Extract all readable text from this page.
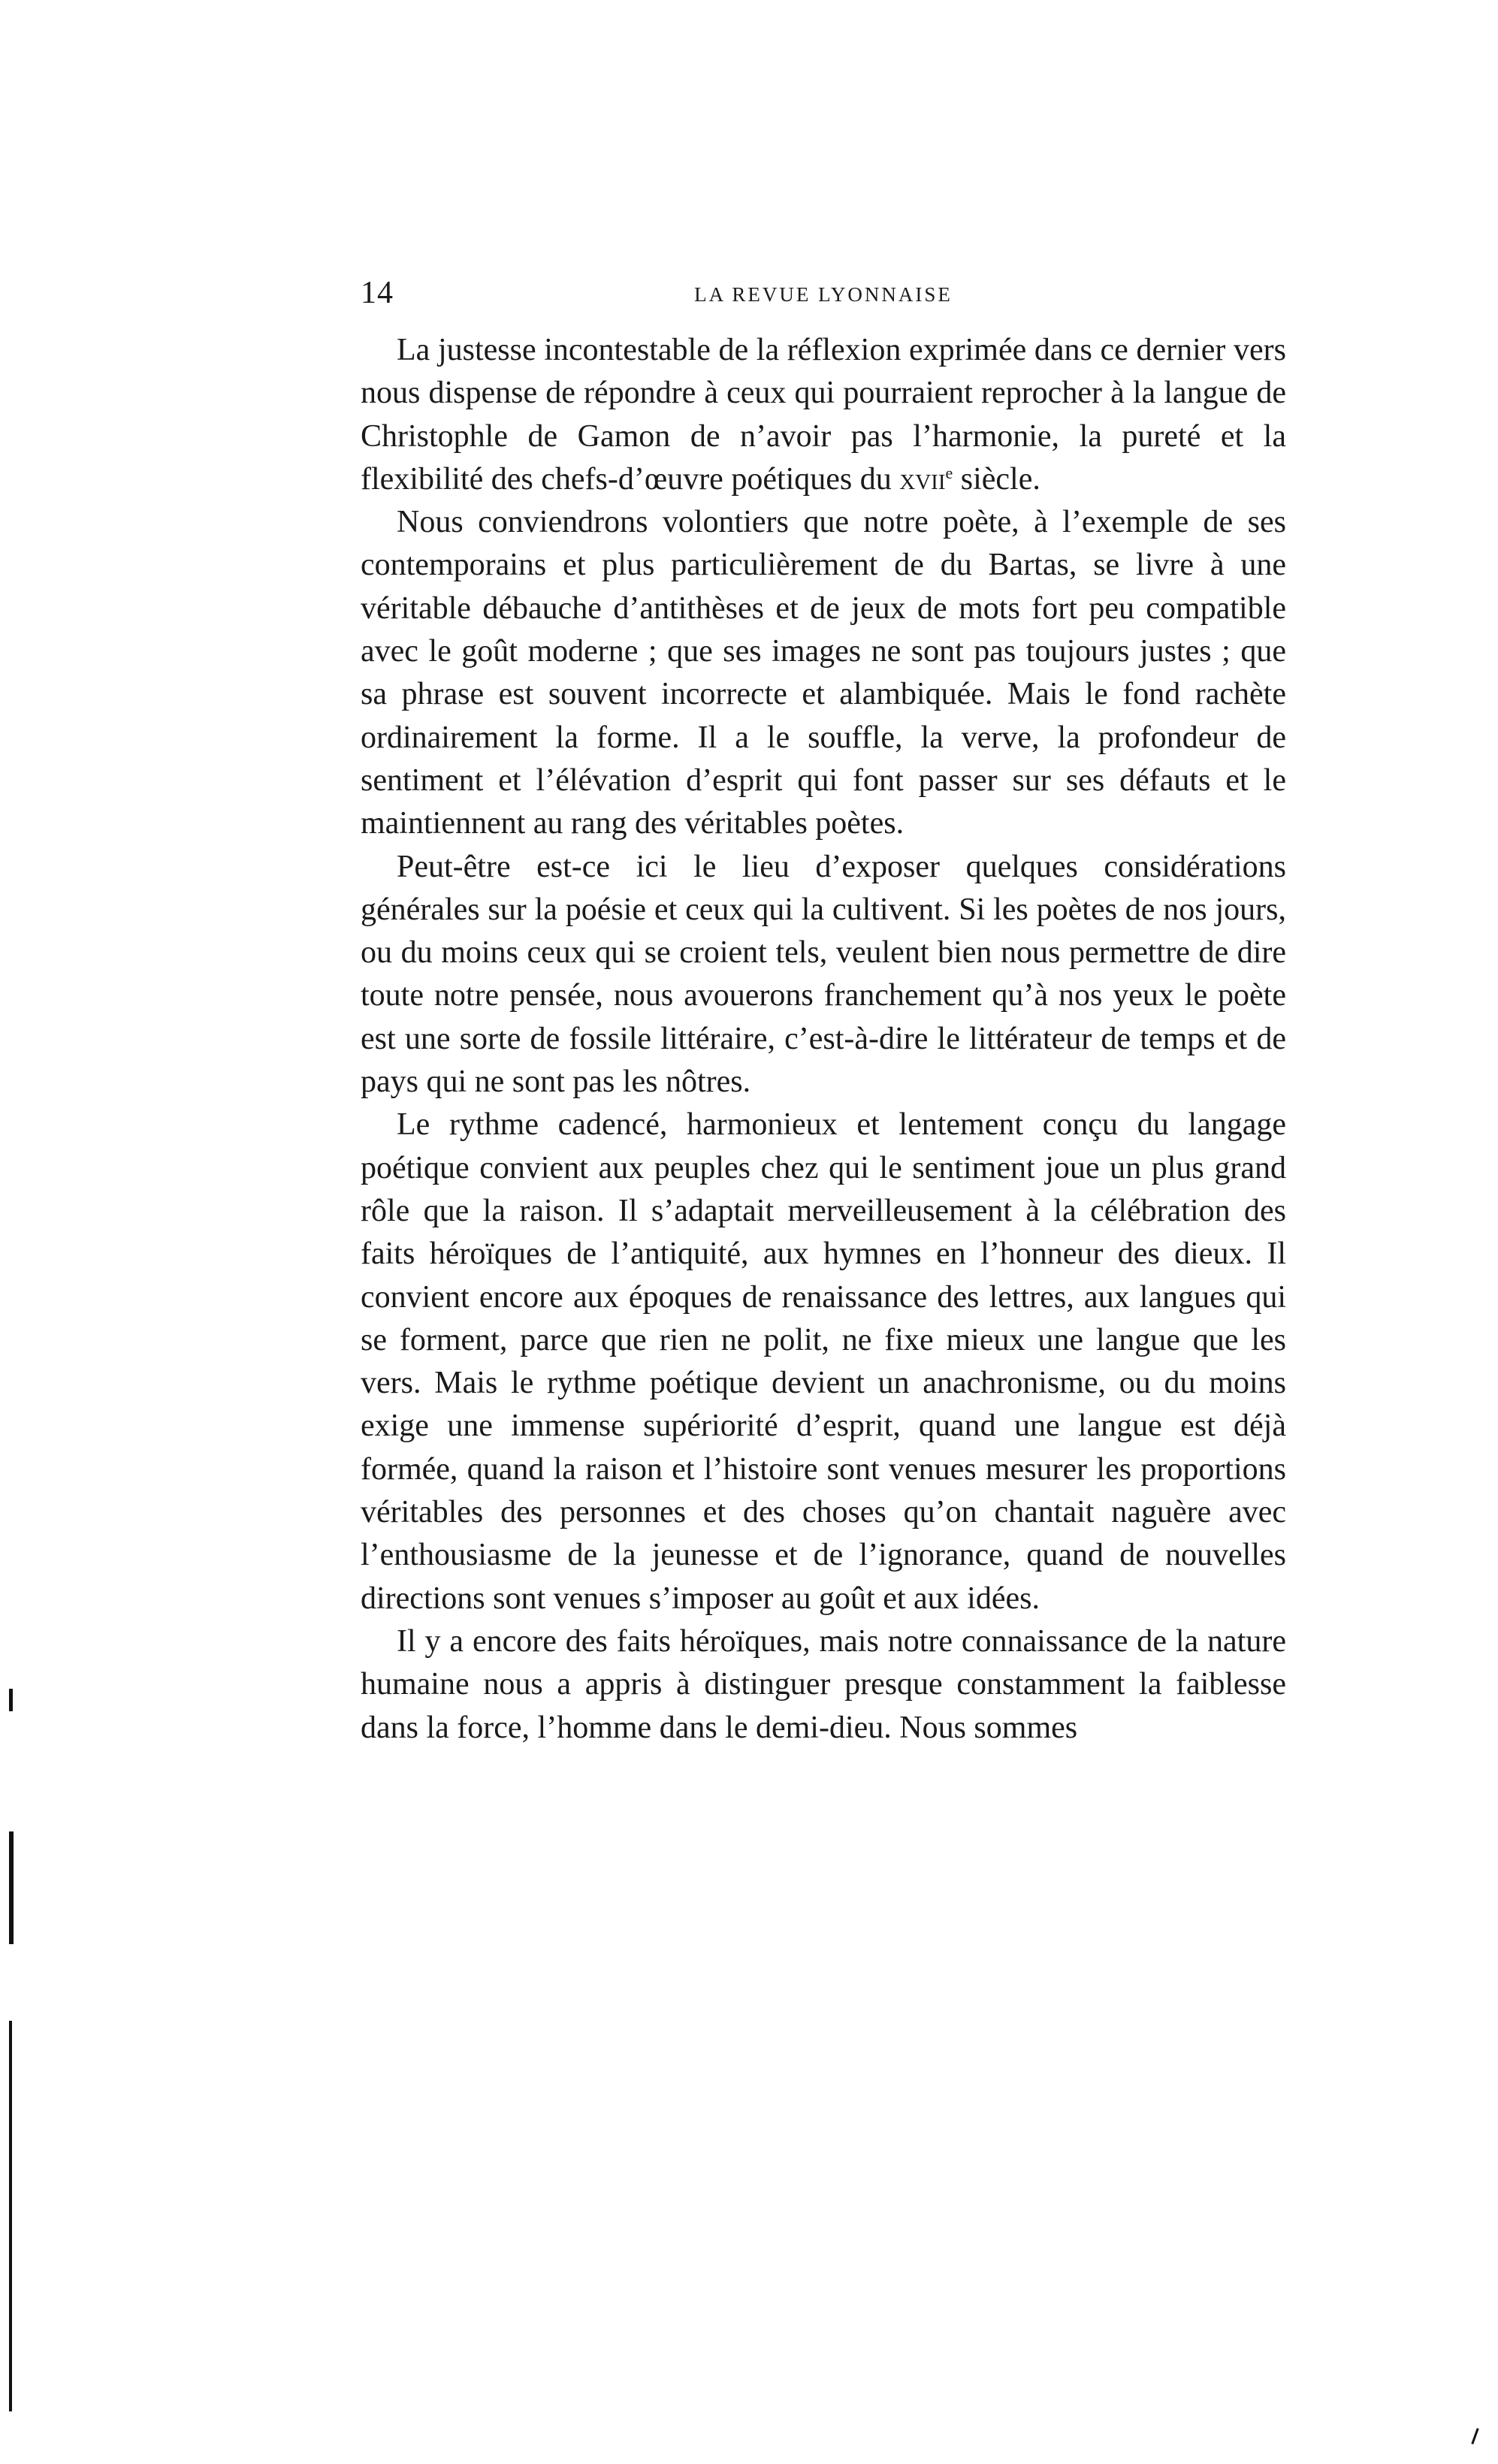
14	LA REVUE LYONNAISE

La justesse incontestable de la réflexion exprimée dans ce dernier vers nous dispense de répondre à ceux qui pourraient reprocher à la langue de Christophle de Gamon de n’avoir pas l’harmonie, la pureté et la flexibilité des chefs-d’œuvre poétiques du xvii$^e$ siècle.

Nous conviendrons volontiers que notre poète, à l’exemple de ses contemporains et plus particulièrement de du Bartas, se livre à une véritable débauche d’antithèses et de jeux de mots fort peu compatible avec le goût moderne ; que ses images ne sont pas toujours justes ; que sa phrase est souvent incorrecte et alambiquée. Mais le fond rachète ordinairement la forme. Il a le souffle, la verve, la profondeur de sentiment et l’élévation d’esprit qui font passer sur ses défauts et le maintiennent au rang des véritables poètes.

Peut-être est-ce ici le lieu d’exposer quelques considérations générales sur la poésie et ceux qui la cultivent. Si les poètes de nos jours, ou du moins ceux qui se croient tels, veulent bien nous permettre de dire toute notre pensée, nous avouerons franchement qu’à nos yeux le poète est une sorte de fossile littéraire, c’est-à-dire le littérateur de temps et de pays qui ne sont pas les nôtres.

Le rythme cadencé, harmonieux et lentement conçu du langage poétique convient aux peuples chez qui le sentiment joue un plus grand rôle que la raison. Il s’adaptait merveilleusement à la célébration des faits héroïques de l’antiquité, aux hymnes en l’honneur des dieux. Il convient encore aux époques de renaissance des lettres, aux langues qui se forment, parce que rien ne polit, ne fixe mieux une langue que les vers. Mais le rythme poétique devient un anachronisme, ou du moins exige une immense supériorité d’esprit, quand une langue est déjà formée, quand la raison et l’histoire sont venues mesurer les proportions véritables des personnes et des choses qu’on chantait naguère avec l’enthousiasme de la jeunesse et de l’ignorance, quand de nouvelles directions sont venues s’imposer au goût et aux idées.

Il y a encore des faits héroïques, mais notre connaissance de la nature humaine nous a appris à distinguer presque constamment la faiblesse dans la force, l’homme dans le demi-dieu. Nous sommes
